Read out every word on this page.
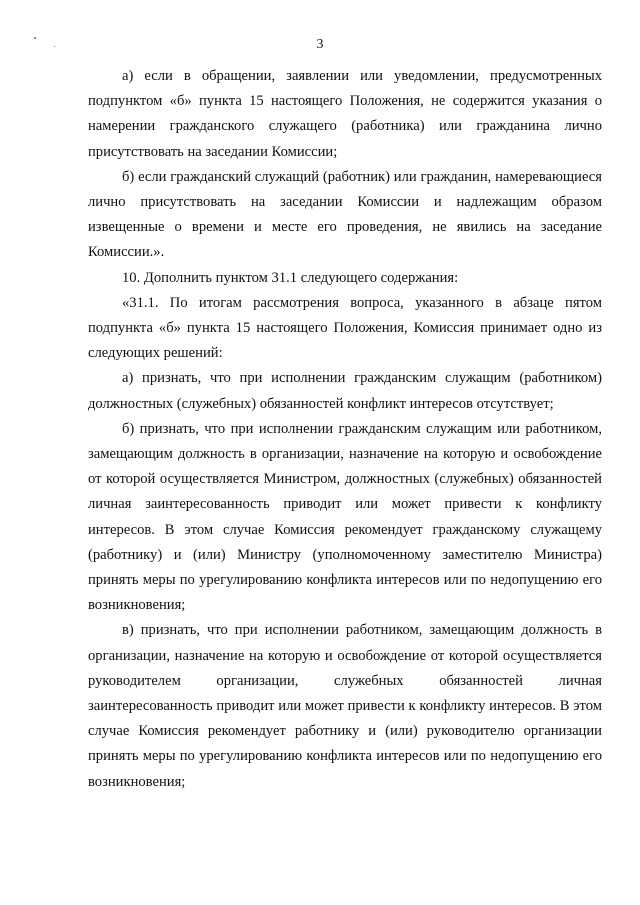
3

а) если в обращении, заявлении или уведомлении, предусмотренных подпунктом «б» пункта 15 настоящего Положения, не содержится указания о намерении гражданского служащего (работника) или гражданина лично присутствовать на заседании Комиссии;

б) если гражданский служащий (работник) или гражданин, намеревающиеся лично присутствовать на заседании Комиссии и надлежащим образом извещенные о времени и месте его проведения, не явились на заседание Комиссии.».

10. Дополнить пунктом 31.1 следующего содержания:

«31.1. По итогам рассмотрения вопроса, указанного в абзаце пятом подпункта «б» пункта 15 настоящего Положения, Комиссия принимает одно из следующих решений:

а) признать, что при исполнении гражданским служащим (работником) должностных (служебных) обязанностей конфликт интересов отсутствует;

б) признать, что при исполнении гражданским служащим или работником, замещающим должность в организации, назначение на которую и освобождение от которой осуществляется Министром, должностных (служебных) обязанностей личная заинтересованность приводит или может привести к конфликту интересов. В этом случае Комиссия рекомендует гражданскому служащему (работнику) и (или) Министру (уполномоченному заместителю Министра) принять меры по урегулированию конфликта интересов или по недопущению его возникновения;

в) признать, что при исполнении работником, замещающим должность в организации, назначение на которую и освобождение от которой осуществляется руководителем организации, служебных обязанностей личная заинтересованность приводит или может привести к конфликту интересов. В этом случае Комиссия рекомендует работнику и (или) руководителю организации принять меры по урегулированию конфликта интересов или по недопущению его возникновения;
